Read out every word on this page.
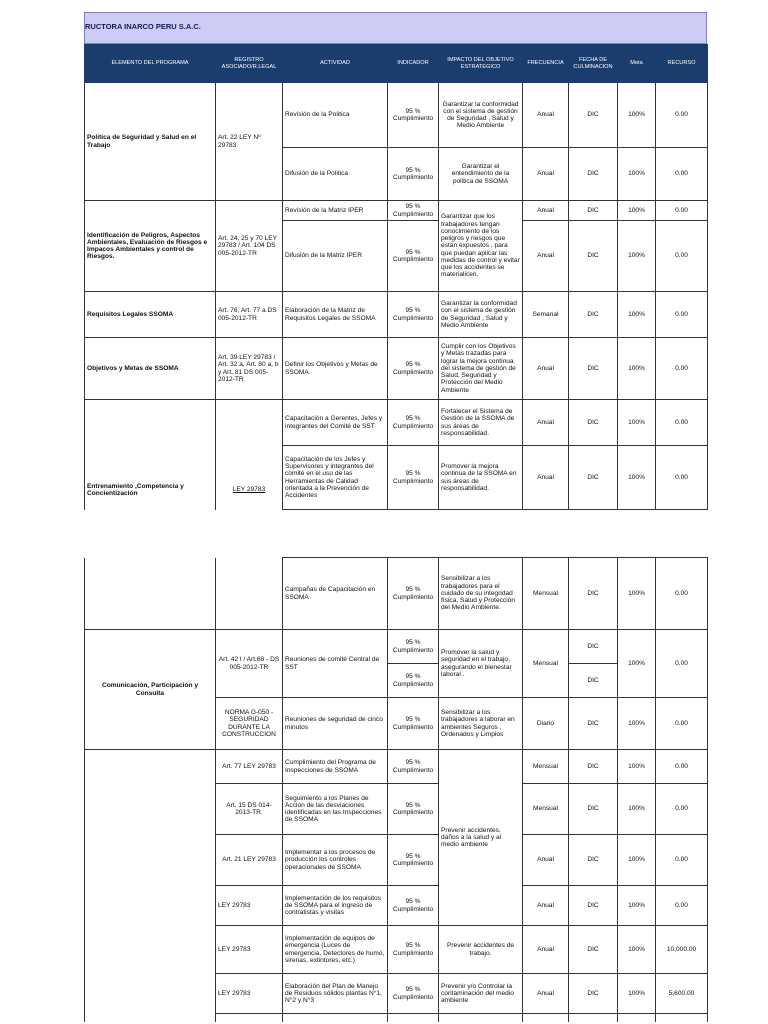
RUCTORA INARCO PERU S.A.C.
ELEMENTO DEL PROGRAMA	REGISTRO ASOCIADO/R.LEGAL	ACTIVIDAD	INDICADOR	IMPACTO DEL OBJETIVO ESTRATEGICO	FRECUENCIA	FECHA DE CULMINACION	Meta	RECURSO
Politica de Seguridad y Salud en el Trabajo	Art. 22 LEY Nº 29783	Revisión de la Politica	95 % Cumplimiento	Garantizar la conformidad con el sistema de gestión de Seguridad , Salud y Medio Ambiente	Anual	DIC	100%	0.00
		Difusión de la Politica	95 % Cumplimiento	Garantizar el entendimiento de la politica de SSOMA	Anual	DIC	100%	0.00
Identificación de Peligros, Aspectos Ambientales, Evaluación de Riesgos e Impacos Ambientales y control de Riesgos.	Art. 24, 25 y 70 LEY 29783 / Art. 104 DS 005-2012-TR	Revisión de la Matriz IPER	95 % Cumplimiento	Garantizar que los trabajadores tengan conocimiento de los peligros y riesgos que estan expuestos , para que puedan aplicar las medidas de control y evitar que los accidentes se materialicen.	Anual	DIC	100%	0.00
		Difusión de la Matriz IPER	95 % Cumplimiento		Anual	DIC	100%	0.00
Requisitos Legales SSOMA	Art. 76, Art. 77 a DS 005-2012-TR	Elaboración de la Matriz de Requisitos Legales de SSOMA	95 % Cumplimiento	Garantizar la conformidad con el sistema de gestión de Seguridad , Salud y Medio Ambiente	Semanal	DIC	100%	0.00
Objetivos y Metas de SSOMA	Art. 39 LEY 29783 / Art. 32 a, Art. 80 a, b y Art. 81 DS 005-2012-TR	Definir los Objetivos y Metas de SSOMA	95 % Cumplimiento	Cumplir con los Objetivos y Metas trazadas para lograr la mejora continua del sistema de gestión de Salud, Seguridad y Protección del Medio Ambiente	Anual	DIC	100%	0.00
Entrenamiento ,Competencia y Concientización	LEY 29783	Capacitación a Gerentes, Jefes y integrantes del Comité de SST	95 % Cumplimiento	Fortalecer el Sistema de Gestión de la SSOMA de sus áreas de responsabilidad.	Anual	DIC	100%	0.00
		Capacitación de los Jefes y Supervisores y integrantes del comité en el uso de las Herramientas de Calidad orientada a la Prevención de Accidentes	95 % Cumplimiento	Promover la mejora continua de la SSOMA en sus áreas de responsabilidad.	Anual	DIC	100%	0.00
		Campañas de Capacitación en SSOMA	95 % Cumplimiento	Sensibilizar a los trabajadores para el cuidado de su integridad física, Salud y Protección del Medio Ambiente.	Mensual	DIC	100%	0.00
Comunicación, Participación y Consulta	Art. 42 l / Art.68 - DS 005-2012-TR	Reuniones de comité Central de SST	95 % Cumplimiento	Promover la salud y seguridad en el trabajo, asegurando el bienestar laboral .	Mensual	DIC	100%	0.00
			95 % Cumplimiento			DIC		
	NORMA G-050 - SEGURIDAD DURANTE LA CONSTRUCCION	Reuniones de seguridad de cinco minutos	95 % Cumplimiento	Sensibilizar a los trabajadores a laborar en ambientes Seguros , Ordenados y Limpios	Diario	DIC	100%	0.00
	Art. 77 LEY 29783	Cumplimiento del Programa de Inspecciones de SSOMA	95 % Cumplimiento	Prevenir accidentes, daños a la salud y al medio ambiente	Mensual	DIC	100%	0.00
	Art. 15 DS 014-2013-TR.	Seguimiento a los Planes de Acción de las desviaciones identificadas en las Inspecciones de SSOMA	95 % Cumplimiento		Mensual	DIC	100%	0.00
	Art. 21 LEY 29783	Implementar a los procesos de producción los controles operacionales de SSOMA	95 % Cumplimiento		Anual	DIC	100%	0.00
	LEY 29783	Implementación de los requisitos de SSOMA para el ingreso de contratistas y visitas	95 % Cumplimiento		Anual	DIC	100%	0.00
	LEY 29783	Implementación de equipos de emergencia (Luces de emergencia, Detectores de humo, sirenas, extintores, etc.)	95 % Cumplimiento	Prevenir accidentes de trabajo.	Anual	DIC	100%	10,000.00
	LEY 29783	Elaboración del Plan de Manejo de Residuos sólidos plantas N°1, N°2 y N°3	95 % Cumplimiento	Prevenir y/o Controlar la contaminación del medio ambiente	Anual	DIC	100%	5,600.00
